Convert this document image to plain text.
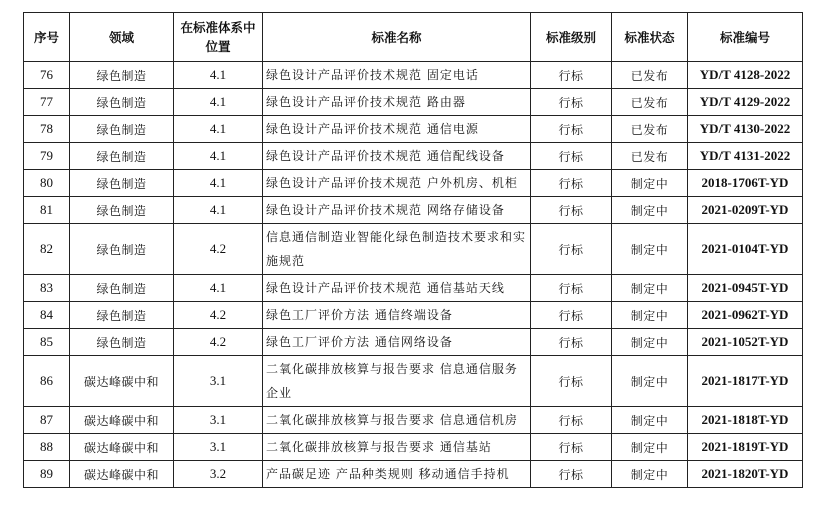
序号	领域	在标准体系中位置	标准名称	标准级别	标准状态	标准编号
76	绿色制造	4.1	绿色设计产品评价技术规范 固定电话	行标	已发布	YD/T 4128-2022
77	绿色制造	4.1	绿色设计产品评价技术规范 路由器	行标	已发布	YD/T 4129-2022
78	绿色制造	4.1	绿色设计产品评价技术规范 通信电源	行标	已发布	YD/T 4130-2022
79	绿色制造	4.1	绿色设计产品评价技术规范 通信配线设备	行标	已发布	YD/T 4131-2022
80	绿色制造	4.1	绿色设计产品评价技术规范 户外机房、机柜	行标	制定中	2018-1706T-YD
81	绿色制造	4.1	绿色设计产品评价技术规范 网络存储设备	行标	制定中	2021-0209T-YD
82	绿色制造	4.2	信息通信制造业智能化绿色制造技术要求和实施规范	行标	制定中	2021-0104T-YD
83	绿色制造	4.1	绿色设计产品评价技术规范 通信基站天线	行标	制定中	2021-0945T-YD
84	绿色制造	4.2	绿色工厂评价方法 通信终端设备	行标	制定中	2021-0962T-YD
85	绿色制造	4.2	绿色工厂评价方法 通信网络设备	行标	制定中	2021-1052T-YD
86	碳达峰碳中和	3.1	二氧化碳排放核算与报告要求 信息通信服务企业	行标	制定中	2021-1817T-YD
87	碳达峰碳中和	3.1	二氧化碳排放核算与报告要求 信息通信机房	行标	制定中	2021-1818T-YD
88	碳达峰碳中和	3.1	二氧化碳排放核算与报告要求 通信基站	行标	制定中	2021-1819T-YD
89	碳达峰碳中和	3.2	产品碳足迹 产品种类规则 移动通信手持机	行标	制定中	2021-1820T-YD
